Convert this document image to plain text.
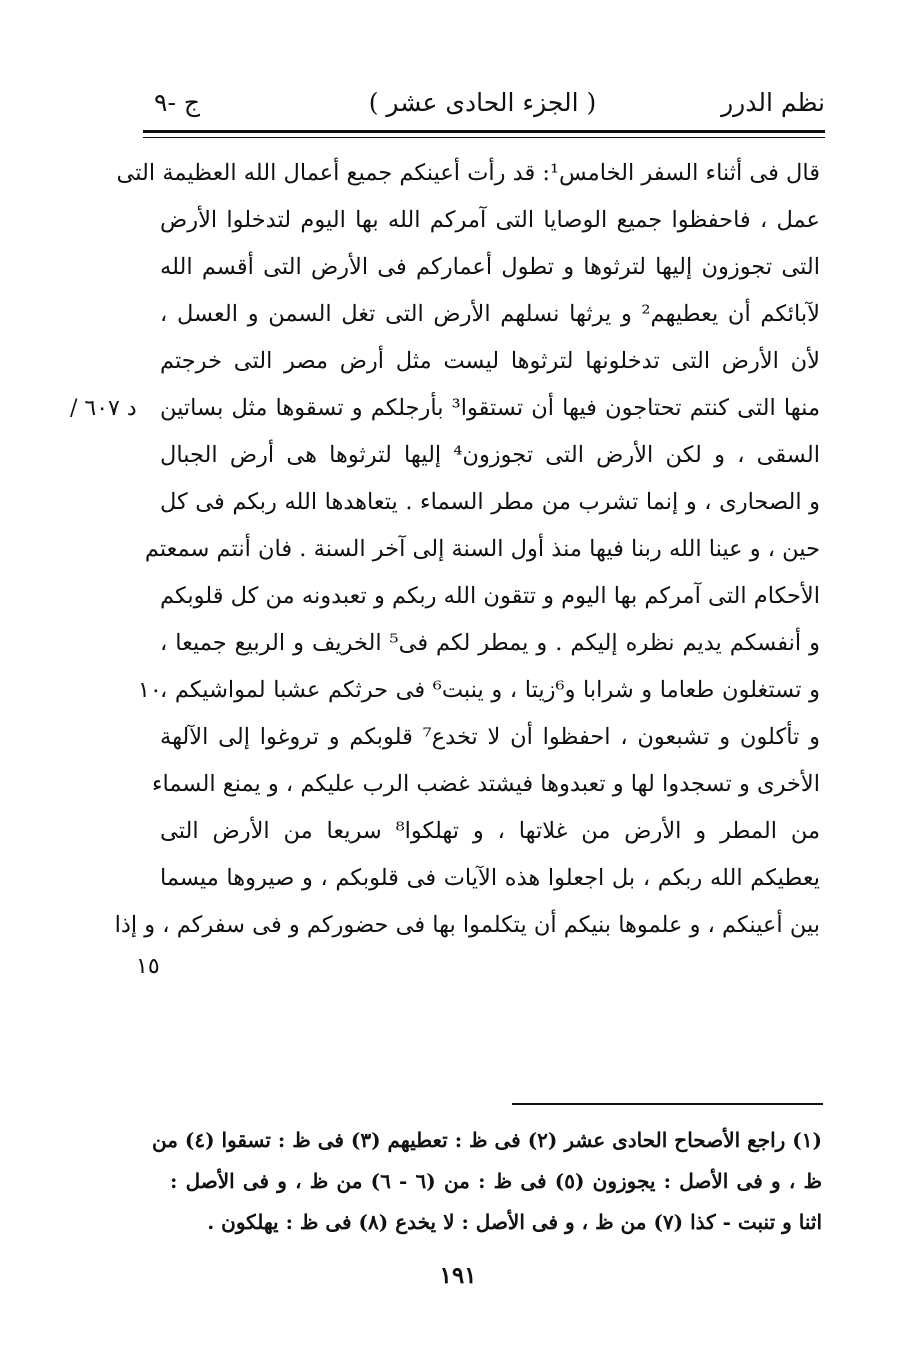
نظم الدرر
( الجزء الحادى عشر )
ج -٩
قال فى أثناء السفر الخامس¹: قد رأت أعينكم جميع أعمال الله العظيمة التى
عمل ، فاحفظوا جميع الوصايا التى آمركم الله بها اليوم لتدخلوا الأرض
التى تجوزون إليها لترثوها و تطول أعماركم فى الأرض التى أقسم الله
لآبائكم أن يعطيهم² و يرثها نسلهم الأرض التى تغل السمن و العسل ،
لأن الأرض التى تدخلونها لترثوها ليست مثل أرض مصر التى خرجتم
منها التى كنتم تحتاجون فيها أن تستقوا³ بأرجلكم و تسقوها مثل بساتين
السقى ، و لكن الأرض التى تجوزون⁴ إليها لترثوها هى أرض الجبال
و الصحارى ، و إنما تشرب من مطر السماء . يتعاهدها الله ربكم فى كل
حين ، و عينا الله ربنا فيها منذ أول السنة إلى آخر السنة . فان أنتم سمعتم
الأحكام التى آمركم بها اليوم و تتقون الله ربكم و تعبدونه من كل قلوبكم
و أنفسكم يديم نظره إليكم . و يمطر لكم فى⁵ الخريف و الربيع جميعا ،
و تستغلون طعاما و شرابا و⁶زيتا ، و ينبت⁶ فى حرثكم عشبا لمواشيكم ،
و تأكلون و تشبعون ، احفظوا أن لا تخدع⁷ قلوبكم و تروغوا إلى الآلهة
الأخرى و تسجدوا لها و تعبدوها فيشتد غضب الرب عليكم ، و يمنع السماء
من المطر و الأرض من غلاتها ، و تهلكوا⁸ سريعا من الأرض التى
يعطيكم الله ربكم ، بل اجعلوا هذه الآيات فى قلوبكم ، و صيروها ميسما
بين أعينكم ، و علموها بنيكم أن يتكلموا بها فى حضوركم و فى سفركم ، و إذا
د ٦٠٧ /
١٠
١٥
(١) راجع الأصحاح الحادى عشر (٢) فى ظ : تعطيهم (٣) فى ظ : تسقوا (٤) من
ظ ، و فى الأصل : يجوزون (٥) فى ظ : من (٦ - ٦) من ظ ، و فى الأصل :
اثنا و تنبت - كذا (٧) من ظ ، و فى الأصل : لا يخدع (٨) فى ظ : يهلكون .
١٩١
